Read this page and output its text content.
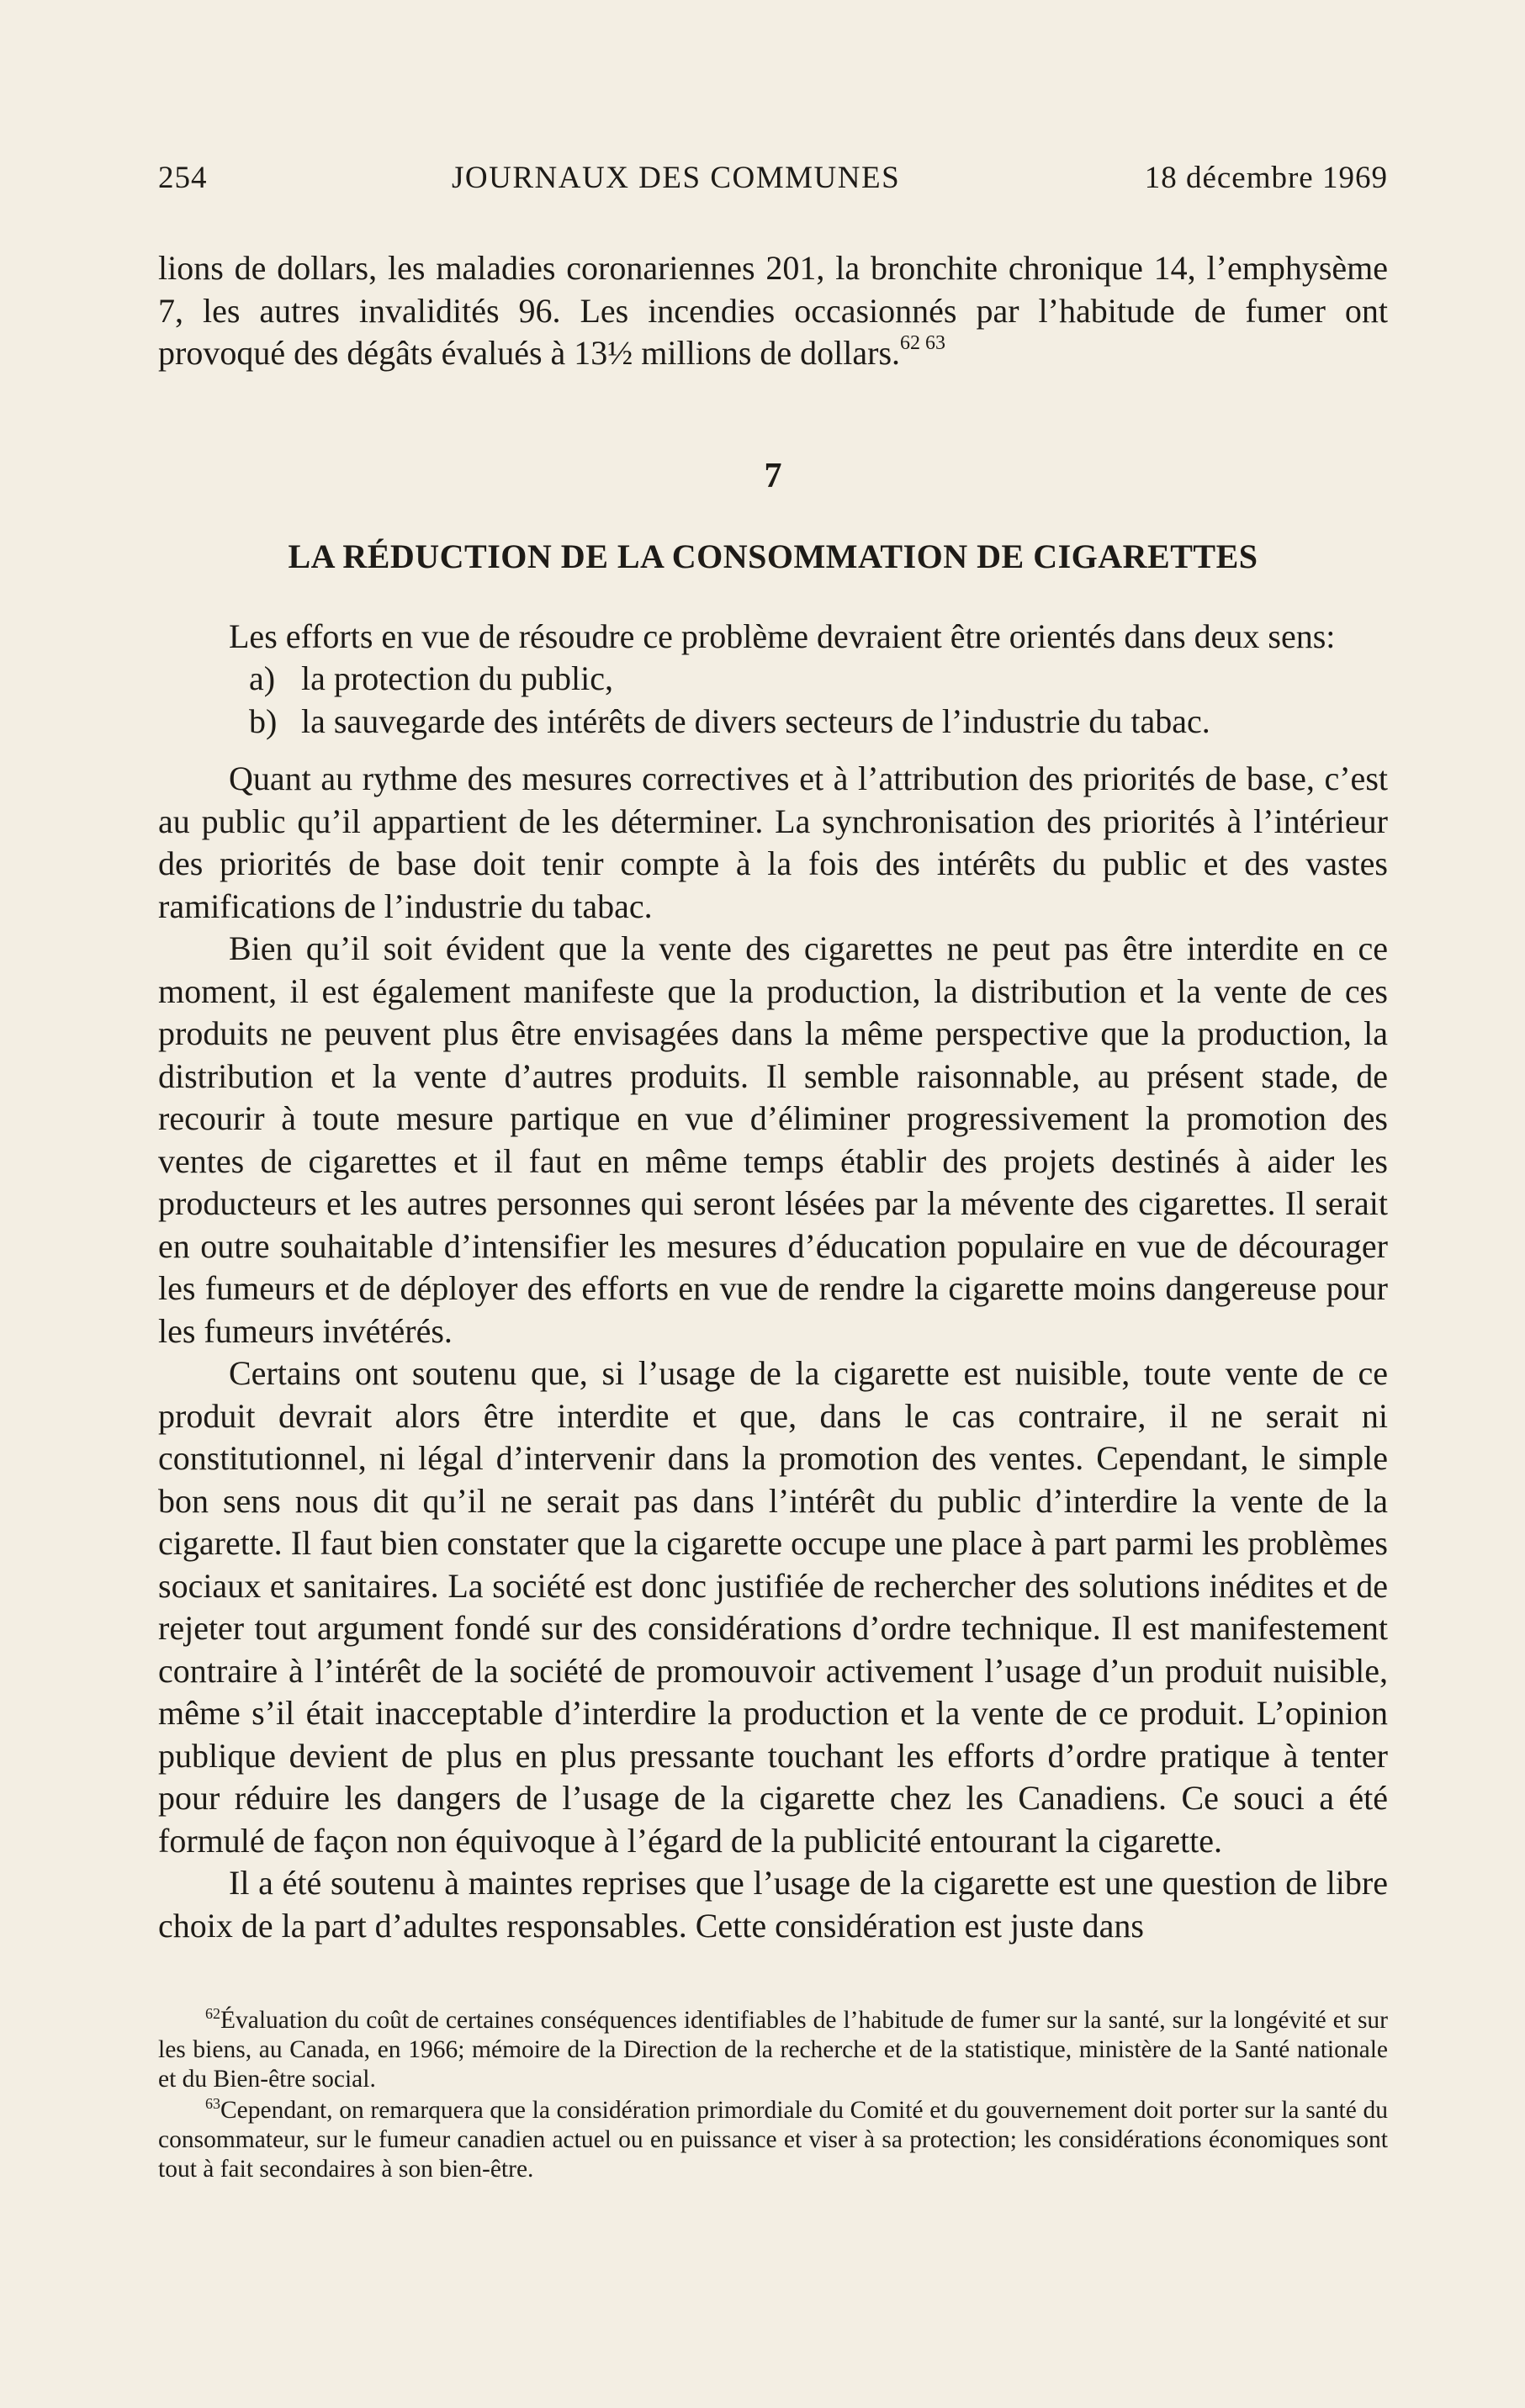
254	JOURNAUX DES COMMUNES	18 décembre 1969

lions de dollars, les maladies coronariennes 201, la bronchite chronique 14, l’emphysème 7, les autres invalidités 96. Les incendies occasionnés par l’habitude de fumer ont provoqué des dégâts évalués à 13½ millions de dollars.$^{62 63}$

7
LA RÉDUCTION DE LA CONSOMMATION DE CIGARETTES

Les efforts en vue de résoudre ce problème devraient être orientés dans deux sens:

a) la protection du public,
b) la sauvegarde des intérêts de divers secteurs de l’industrie du tabac.

Quant au rythme des mesures correctives et à l’attribution des priorités de base, c’est au public qu’il appartient de les déterminer. La synchronisation des priorités à l’intérieur des priorités de base doit tenir compte à la fois des intérêts du public et des vastes ramifications de l’industrie du tabac.

Bien qu’il soit évident que la vente des cigarettes ne peut pas être interdite en ce moment, il est également manifeste que la production, la distribution et la vente de ces produits ne peuvent plus être envisagées dans la même perspective que la production, la distribution et la vente d’autres produits. Il semble raisonnable, au présent stade, de recourir à toute mesure partique en vue d’éliminer progressivement la promotion des ventes de cigarettes et il faut en même temps établir des projets destinés à aider les producteurs et les autres personnes qui seront lésées par la mévente des cigarettes. Il serait en outre souhaitable d’intensifier les mesures d’éducation populaire en vue de décourager les fumeurs et de déployer des efforts en vue de rendre la cigarette moins dangereuse pour les fumeurs invétérés.

Certains ont soutenu que, si l’usage de la cigarette est nuisible, toute vente de ce produit devrait alors être interdite et que, dans le cas contraire, il ne serait ni constitutionnel, ni légal d’intervenir dans la promotion des ventes. Cependant, le simple bon sens nous dit qu’il ne serait pas dans l’intérêt du public d’interdire la vente de la cigarette. Il faut bien constater que la cigarette occupe une place à part parmi les problèmes sociaux et sanitaires. La société est donc justifiée de rechercher des solutions inédites et de rejeter tout argument fondé sur des considérations d’ordre technique. Il est manifestement contraire à l’intérêt de la société de promouvoir activement l’usage d’un produit nuisible, même s’il était inacceptable d’interdire la production et la vente de ce produit. L’opinion publique devient de plus en plus pressante touchant les efforts d’ordre pratique à tenter pour réduire les dangers de l’usage de la cigarette chez les Canadiens. Ce souci a été formulé de façon non équivoque à l’égard de la publicité entourant la cigarette.

Il a été soutenu à maintes reprises que l’usage de la cigarette est une question de libre choix de la part d’adultes responsables. Cette considération est juste dans

$^{62}$Évaluation du coût de certaines conséquences identifiables de l’habitude de fumer sur la santé, sur la longévité et sur les biens, au Canada, en 1966; mémoire de la Direction de la recherche et de la statistique, ministère de la Santé nationale et du Bien-être social.

$^{63}$Cependant, on remarquera que la considération primordiale du Comité et du gouvernement doit porter sur la santé du consommateur, sur le fumeur canadien actuel ou en puissance et viser à sa protection; les considérations économiques sont tout à fait secondaires à son bien-être.
